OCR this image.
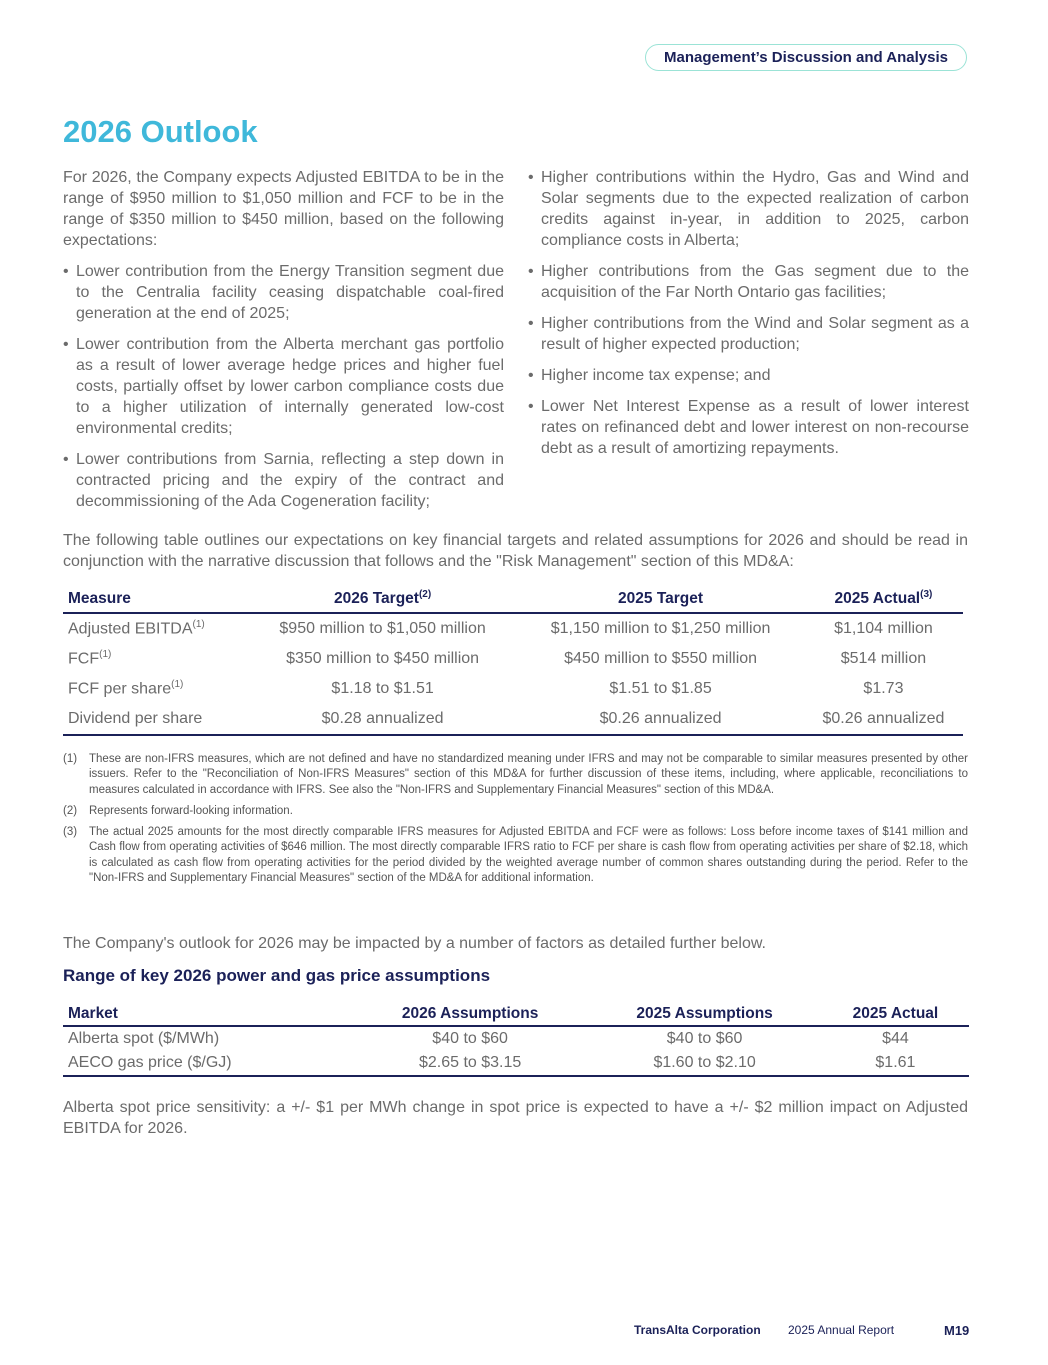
Management’s Discussion and Analysis
2026 Outlook

For 2026, the Company expects Adjusted EBITDA to be in the range of $950 million to $1,050 million and FCF to be in the range of $350 million to $450 million, based on the following expectations:

• Lower contribution from the Energy Transition segment due to the Centralia facility ceasing dispatchable coal-fired generation at the end of 2025;
• Lower contribution from the Alberta merchant gas portfolio as a result of lower average hedge prices and higher fuel costs, partially offset by lower carbon compliance costs due to a higher utilization of internally generated low-cost environmental credits;
• Lower contributions from Sarnia, reflecting a step down in contracted pricing and the expiry of the contract and decommissioning of the Ada Cogeneration facility;
• Higher contributions within the Hydro, Gas and Wind and Solar segments due to the expected realization of carbon credits against in-year, in addition to 2025, carbon compliance costs in Alberta;
• Higher contributions from the Gas segment due to the acquisition of the Far North Ontario gas facilities;
• Higher contributions from the Wind and Solar segment as a result of higher expected production;
• Higher income tax expense; and
• Lower Net Interest Expense as a result of lower interest rates on refinanced debt and lower interest on non-recourse debt as a result of amortizing repayments.
The following table outlines our expectations on key financial targets and related assumptions for 2026 and should be read in conjunction with the narrative discussion that follows and the "Risk Management" section of this MD&A:
Measure	2026 Target$^{(2)}$	2025 Target	2025 Actual$^{(3)}$
Adjusted EBITDA$^{(1)}$	$950 million to $1,050 million	$1,150 million to $1,250 million	$1,104 million
FCF$^{(1)}$	$350 million to $450 million	$450 million to $550 million	$514 million
FCF per share$^{(1)}$	$1.18 to $1.51	$1.51 to $1.85	$1.73
Dividend per share	$0.28 annualized	$0.26 annualized	$0.26 annualized
(1)	These are non-IFRS measures, which are not defined and have no standardized meaning under IFRS and may not be comparable to similar measures presented by other issuers. Refer to the "Reconciliation of Non-IFRS Measures" section of this MD&A for further discussion of these items, including, where applicable, reconciliations to measures calculated in accordance with IFRS. See also the "Non-IFRS and Supplementary Financial Measures" section of this MD&A.
(2)	Represents forward-looking information.
(3)	The actual 2025 amounts for the most directly comparable IFRS measures for Adjusted EBITDA and FCF were as follows: Loss before income taxes of $141 million and Cash flow from operating activities of $646 million. The most directly comparable IFRS ratio to FCF per share is cash flow from operating activities per share of $2.18, which is calculated as cash flow from operating activities for the period divided by the weighted average number of common shares outstanding during the period. Refer to the "Non-IFRS and Supplementary Financial Measures" section of the MD&A for additional information.
The Company's outlook for 2026 may be impacted by a number of factors as detailed further below.
Range of key 2026 power and gas price assumptions
Market	2026 Assumptions	2025 Assumptions	2025 Actual
Alberta spot ($/MWh)	$40 to $60	$40 to $60	$44
AECO gas price ($/GJ)	$2.65 to $3.15	$1.60 to $2.10	$1.61
Alberta spot price sensitivity: a +/- $1 per MWh change in spot price is expected to have a +/- $2 million impact on Adjusted EBITDA for 2026.
TransAlta Corporation 2025 Annual Report	M19
